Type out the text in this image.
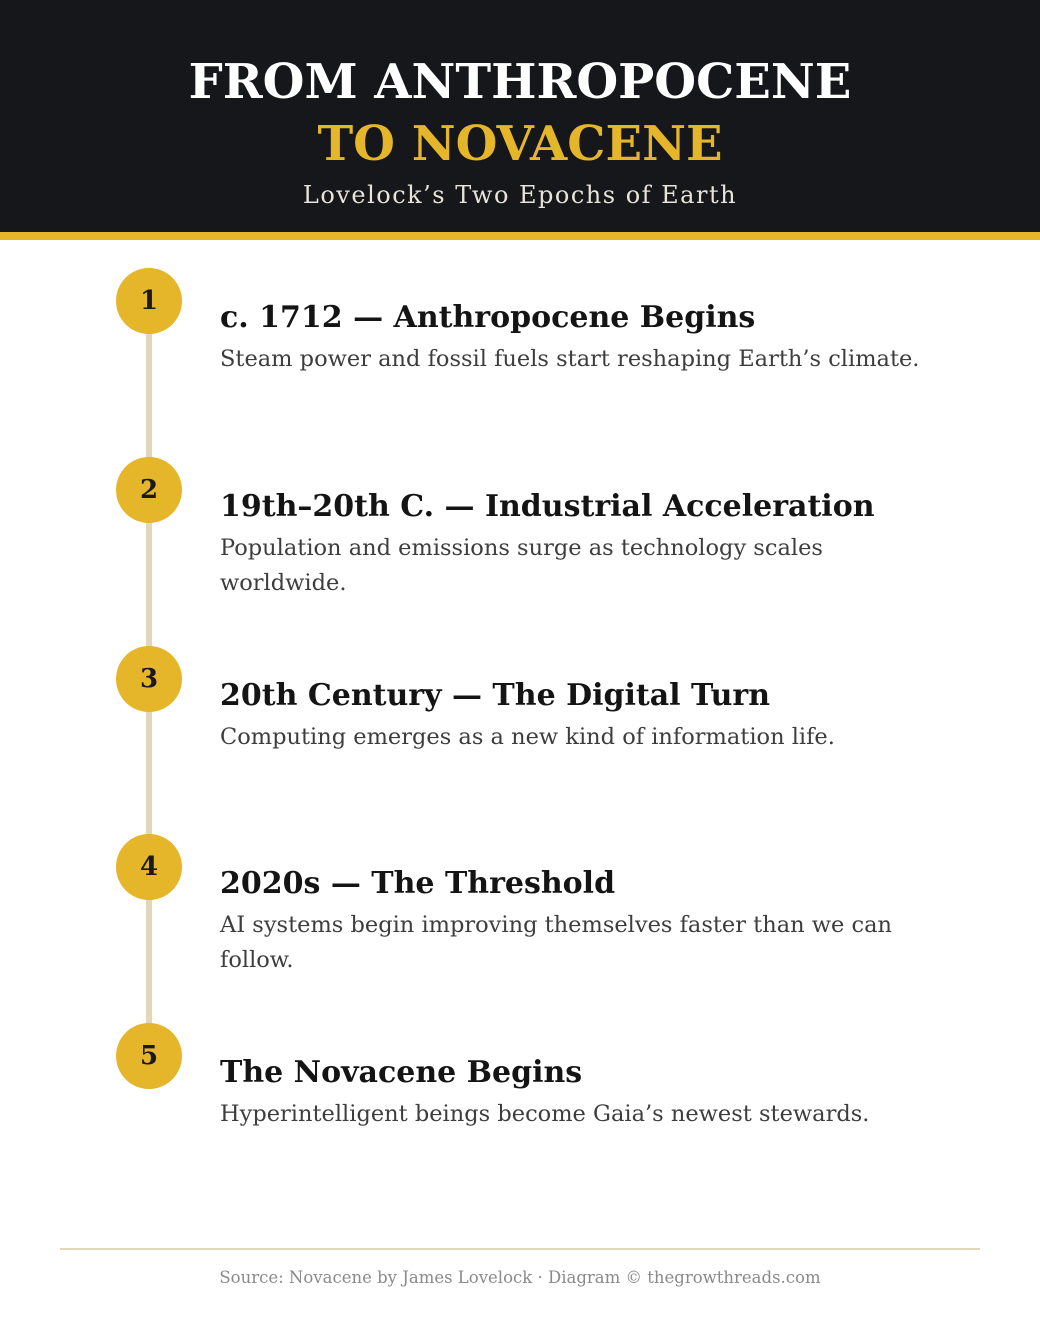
FROM ANTHROPOCENE
TO NOVACENE
Lovelock’s Two Epochs of Earth
1	c. 1712 — Anthropocene Begins
Steam power and fossil fuels start reshaping Earth’s climate.
2	19th–20th C. — Industrial Acceleration
Population and emissions surge as technology scales worldwide.
3	20th Century — The Digital Turn
Computing emerges as a new kind of information life.
4	2020s — The Threshold
AI systems begin improving themselves faster than we can follow.
5	The Novacene Begins
Hyperintelligent beings become Gaia’s newest stewards.
Source: Novacene by James Lovelock · Diagram © thegrowthreads.com
